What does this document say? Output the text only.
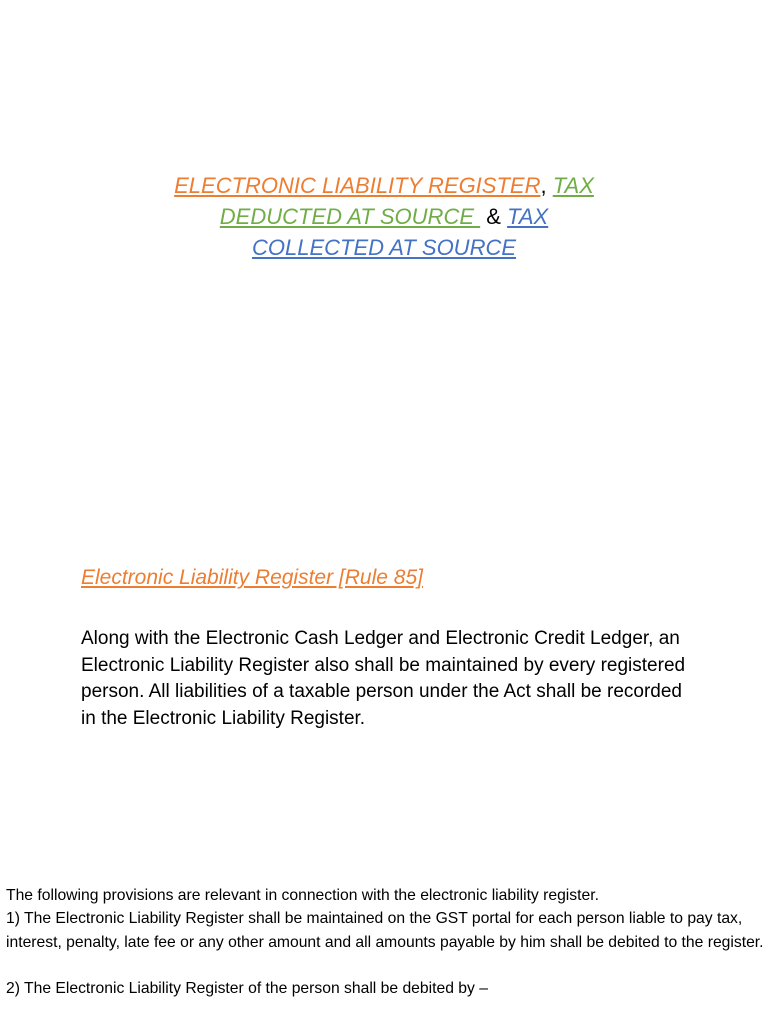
ELECTRONIC LIABILITY REGISTER, TAX
DEDUCTED AT SOURCE & TAX
COLLECTED AT SOURCE
Electronic Liability Register [Rule 85]
Along with the Electronic Cash Ledger and Electronic Credit Ledger, an Electronic Liability Register also shall be maintained by every registered person. All liabilities of a taxable person under the Act shall be recorded in the Electronic Liability Register.

The following provisions are relevant in connection with the electronic liability register.

1) The Electronic Liability Register shall be maintained on the GST portal for each person liable to pay tax, interest, penalty, late fee or any other amount and all amounts payable by him shall be debited to the register.

2) The Electronic Liability Register of the person shall be debited by –
